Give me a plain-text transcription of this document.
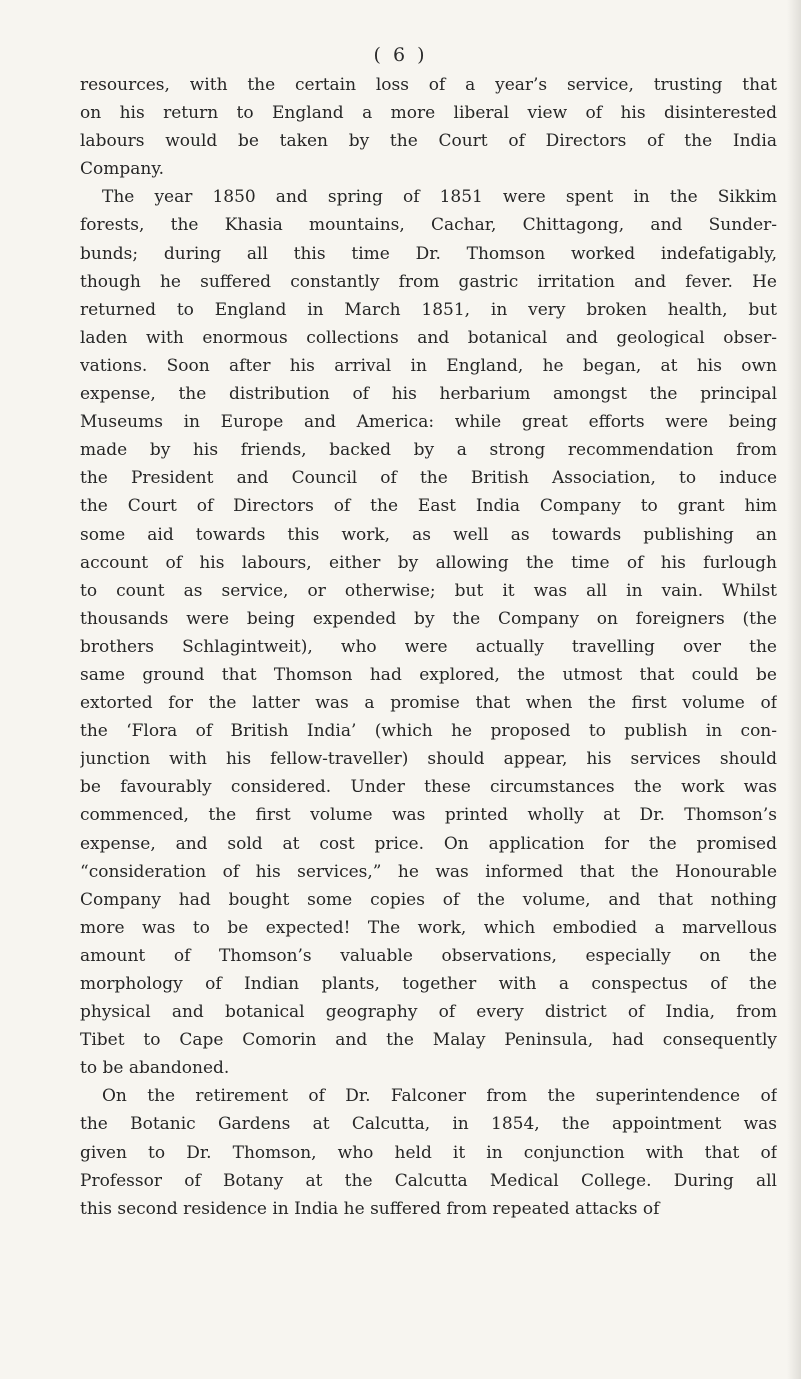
( 6 )

resources, with the certain loss of a year’s service, trusting that
on his return to England a more liberal view of his disinterested
labours would be taken by the Court of Directors of the India
Company.
The year 1850 and spring of 1851 were spent in the Sikkim
forests, the Khasia mountains, Cachar, Chittagong, and Sunder-
bunds; during all this time Dr. Thomson worked indefatigably,
though he suffered constantly from gastric irritation and fever. He
returned to England in March 1851, in very broken health, but
laden with enormous collections and botanical and geological obser-
vations. Soon after his arrival in England, he began, at his own
expense, the distribution of his herbarium amongst the principal
Museums in Europe and America: while great efforts were being
made by his friends, backed by a strong recommendation from
the President and Council of the British Association, to induce
the Court of Directors of the East India Company to grant him
some aid towards this work, as well as towards publishing an
account of his labours, either by allowing the time of his furlough
to count as service, or otherwise; but it was all in vain. Whilst
thousands were being expended by the Company on foreigners (the
brothers Schlagintweit), who were actually travelling over the
same ground that Thomson had explored, the utmost that could be
extorted for the latter was a promise that when the first volume of
the ‘Flora of British India’ (which he proposed to publish in con-
junction with his fellow-traveller) should appear, his services should
be favourably considered. Under these circumstances the work was
commenced, the first volume was printed wholly at Dr. Thomson’s
expense, and sold at cost price. On application for the promised
“consideration of his services,” he was informed that the Honourable
Company had bought some copies of the volume, and that nothing
more was to be expected! The work, which embodied a marvellous
amount of Thomson’s valuable observations, especially on the
morphology of Indian plants, together with a conspectus of the
physical and botanical geography of every district of India, from
Tibet to Cape Comorin and the Malay Peninsula, had consequently
to be abandoned.
On the retirement of Dr. Falconer from the superintendence of
the Botanic Gardens at Calcutta, in 1854, the appointment was
given to Dr. Thomson, who held it in conjunction with that of
Professor of Botany at the Calcutta Medical College. During all
this second residence in India he suffered from repeated attacks of
